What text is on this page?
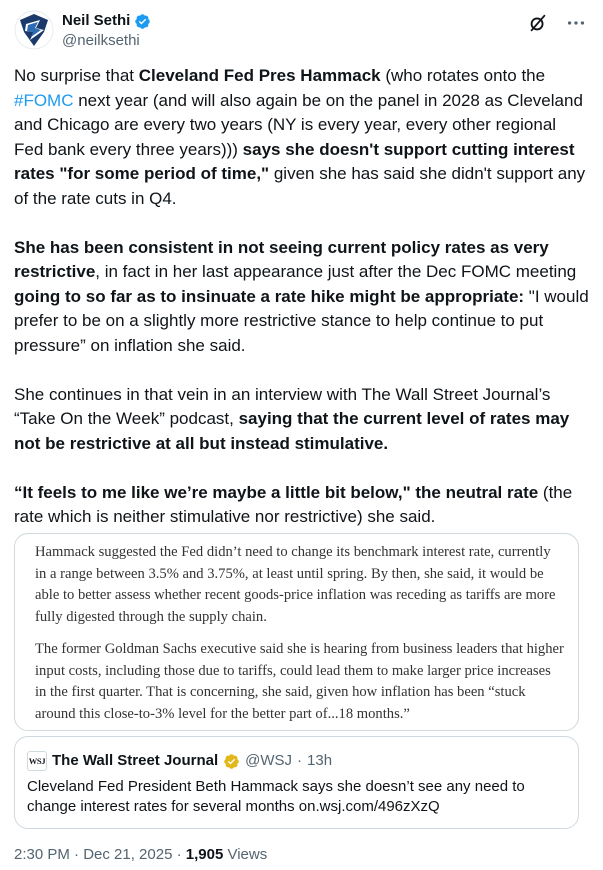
Neil Sethi
@neilksethi

No surprise that Cleveland Fed Pres Hammack (who rotates onto the #FOMC next year (and will also again be on the panel in 2028 as Cleveland and Chicago are every two years (NY is every year, every other regional Fed bank every three years))) says she doesn't support cutting interest rates "for some period of time," given she has said she didn't support any of the rate cuts in Q4.

She has been consistent in not seeing current policy rates as very restrictive, in fact in her last appearance just after the Dec FOMC meeting going to so far as to insinuate a rate hike might be appropriate: "I would prefer to be on a slightly more restrictive stance to help continue to put pressure” on inflation she said.

She continues in that vein in an interview with The Wall Street Journal’s “Take On the Week” podcast, saying that the current level of rates may not be restrictive at all but instead stimulative.

“It feels to me like we’re maybe a little bit below," the neutral rate (the rate which is neither stimulative nor restrictive) she said.

Hammack suggested the Fed didn’t need to change its benchmark interest rate, currently in a range between 3.5% and 3.75%, at least until spring. By then, she said, it would be able to better assess whether recent goods-price inflation was receding as tariffs are more fully digested through the supply chain.

The former Goldman Sachs executive said she is hearing from business leaders that higher input costs, including those due to tariffs, could lead them to make larger price increases in the first quarter. That is concerning, she said, given how inflation has been “stuck around this close-to-3% level for the better part of...18 months.”

WSJ The Wall Street Journal @WSJ · 13h
Cleveland Fed President Beth Hammack says she doesn’t see any need to change interest rates for several months on.wsj.com/496zXzQ
2:30 PM · Dec 21, 2025 · 1,905 Views
